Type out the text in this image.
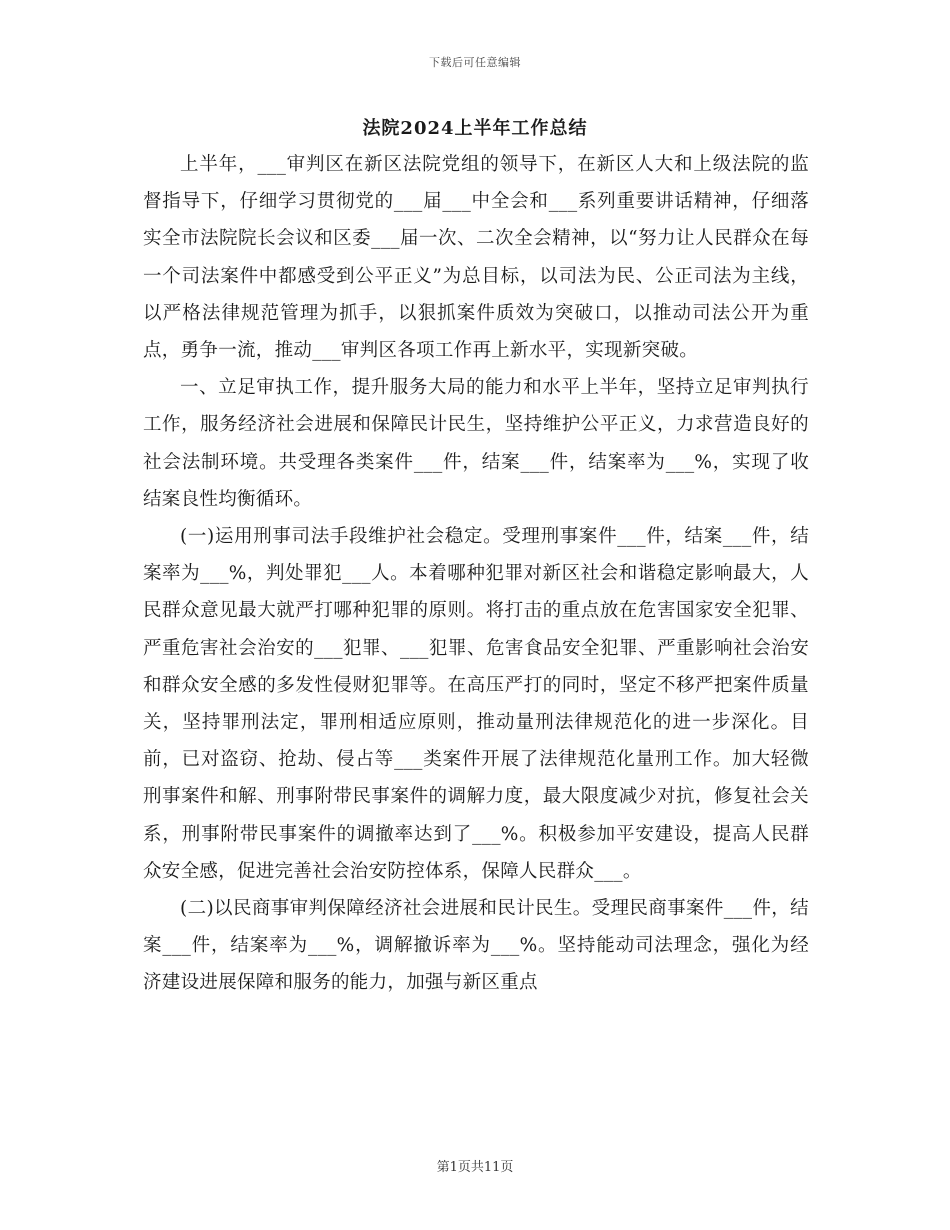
下载后可任意编辑
法院2024上半年工作总结

上半年，___审判区在新区法院党组的领导下，在新区人大和上级法院的监督指导下，仔细学习贯彻党的___届___中全会和___系列重要讲话精神，仔细落实全市法院院长会议和区委___届一次、二次全会精神，以“努力让人民群众在每一个司法案件中都感受到公平正义”为总目标，以司法为民、公正司法为主线，以严格法律规范管理为抓手，以狠抓案件质效为突破口，以推动司法公开为重点，勇争一流，推动___审判区各项工作再上新水平，实现新突破。

一、立足审执工作，提升服务大局的能力和水平上半年，坚持立足审判执行工作，服务经济社会进展和保障民计民生，坚持维护公平正义，力求营造良好的社会法制环境。共受理各类案件___件，结案___件，结案率为___%，实现了收结案良性均衡循环。

(一)运用刑事司法手段维护社会稳定。受理刑事案件___件，结案___件，结案率为___%，判处罪犯___人。本着哪种犯罪对新区社会和谐稳定影响最大，人民群众意见最大就严打哪种犯罪的原则。将打击的重点放在危害国家安全犯罪、严重危害社会治安的___犯罪、___犯罪、危害食品安全犯罪、严重影响社会治安和群众安全感的多发性侵财犯罪等。在高压严打的同时，坚定不移严把案件质量关，坚持罪刑法定，罪刑相适应原则，推动量刑法律规范化的进一步深化。目前，已对盗窃、抢劫、侵占等___类案件开展了法律规范化量刑工作。加大轻微刑事案件和解、刑事附带民事案件的调解力度，最大限度减少对抗，修复社会关系，刑事附带民事案件的调撤率达到了___%。积极参加平安建设，提高人民群众安全感，促进完善社会治安防控体系，保障人民群众___。

(二)以民商事审判保障经济社会进展和民计民生。受理民商事案件___件，结案___件，结案率为___%，调解撤诉率为___%。坚持能动司法理念，强化为经济建设进展保障和服务的能力，加强与新区重点

第1页共11页
